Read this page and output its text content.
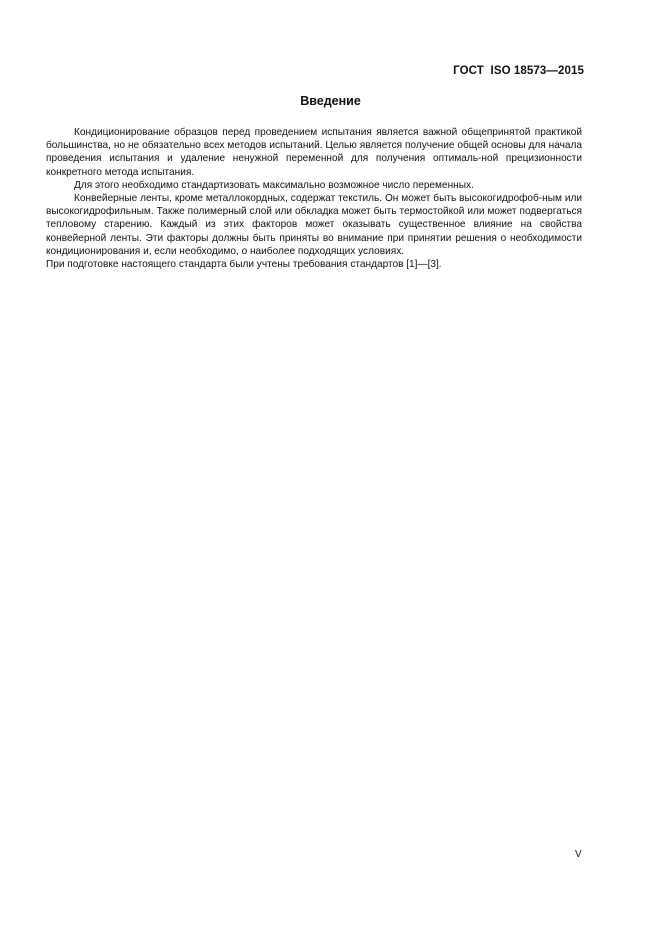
ГОСТ  ISO 18573—2015
Введение

Кондиционирование образцов перед проведением испытания является важной общепринятой практикой большинства, но не обязательно всех методов испытаний. Целью является получение общей основы для начала проведения испытания и удаление ненужной переменной для получения оптималь-ной прецизионности конкретного метода испытания.

Для этого необходимо стандартизовать максимально возможное число переменных.

Конвейерные ленты, кроме металлокордных, содержат текстиль. Он может быть высокогидрофоб-ным или высокогидрофильным. Также полимерный слой или обкладка может быть термостойкой или может подвергаться тепловому старению. Каждый из этих факторов может оказывать существенное влияние на свойства конвейерной ленты. Эти факторы должны быть приняты во внимание при принятии решения о необходимости кондиционирования и, если необходимо, о наиболее подходящих условиях.

При подготовке настоящего стандарта были учтены требования стандартов [1]—[3].

V
